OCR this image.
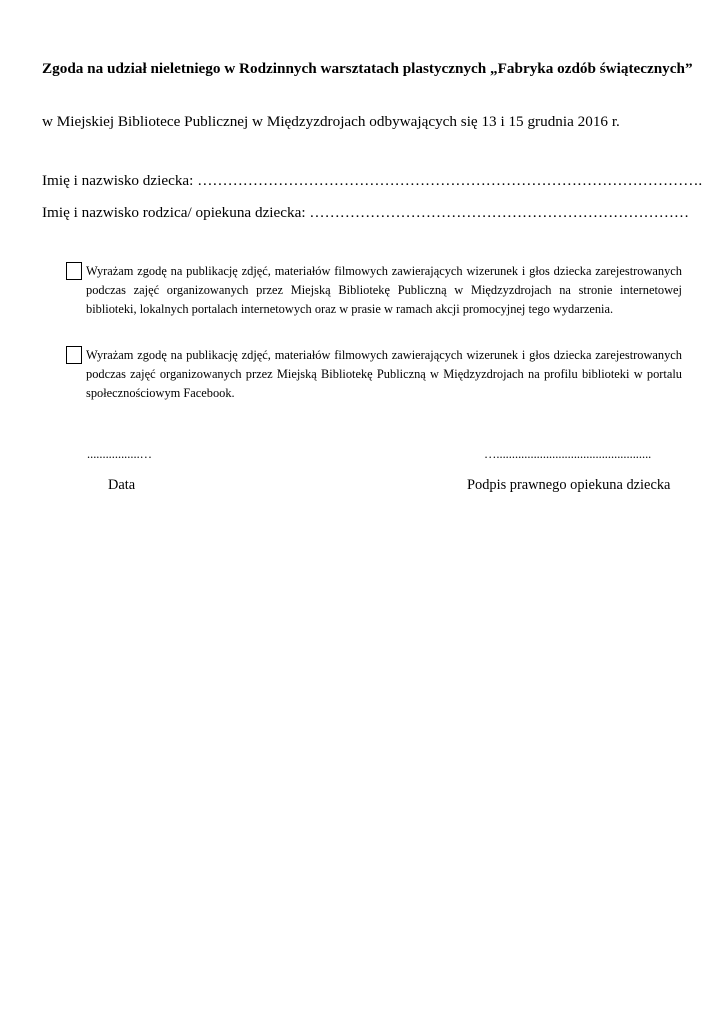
Zgoda na udział nieletniego w Rodzinnych warsztatach plastycznych „Fabryka ozdób świątecznych”
w Miejskiej Bibliotece Publicznej w Międzyzdrojach odbywających się 13 i 15 grudnia 2016 r.
Imię i nazwisko dziecka: ……………………………………………………………………………………….
Imię i nazwisko rodzica/ opiekuna dziecka: …………………………………………………………………
Wyrażam zgodę na publikację zdjęć, materiałów filmowych zawierających wizerunek i głos dziecka zarejestrowanych podczas zajęć organizowanych przez Miejską Bibliotekę Publiczną w Międzyzdrojach na stronie internetowej biblioteki, lokalnych portalach internetowych oraz w prasie w ramach akcji promocyjnej tego wydarzenia.
Wyrażam zgodę na publikację zdjęć, materiałów filmowych zawierających wizerunek i głos dziecka zarejestrowanych podczas zajęć organizowanych przez Miejską Bibliotekę Publiczną w Międzyzdrojach na profilu biblioteki w portalu społecznościowym Facebook.
.................…	…..................................................
Data	Podpis prawnego opiekuna dziecka
